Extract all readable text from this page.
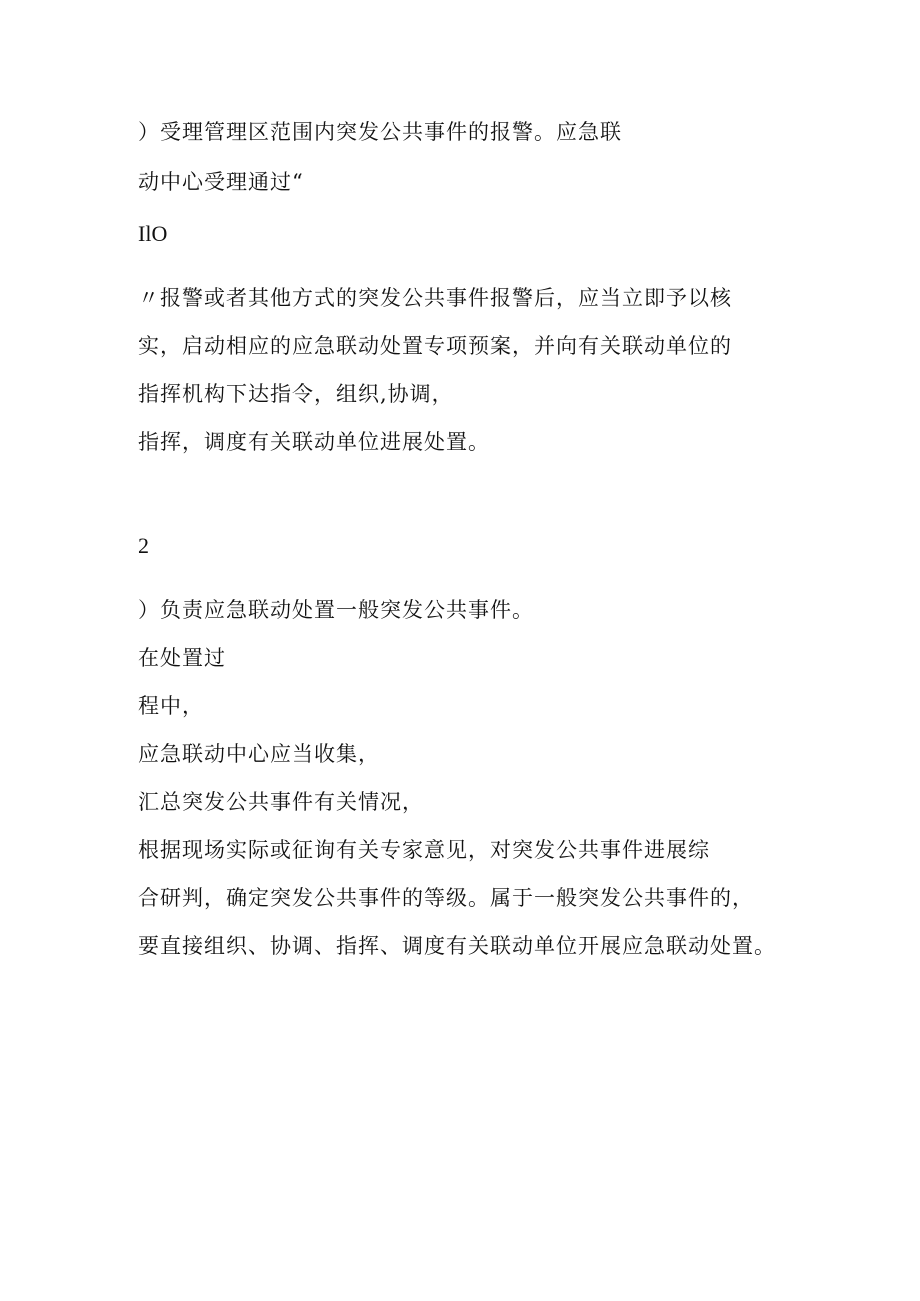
）受理管理区范围内突发公共事件的报警。应急联
动中心受理通过“
IlO
〃报警或者其他方式的突发公共事件报警后，应当立即予以核
实，启动相应的应急联动处置专项预案，并向有关联动单位的
指挥机构下达指令，组织,协调，
指挥，调度有关联动单位进展处置。
2
）负责应急联动处置一般突发公共事件。
在处置过
程中，
应急联动中心应当收集，
汇总突发公共事件有关情况，
根据现场实际或征询有关专家意见，对突发公共事件进展综
合研判，确定突发公共事件的等级。属于一般突发公共事件的，
要直接组织、协调、指挥、调度有关联动单位开展应急联动处置。
